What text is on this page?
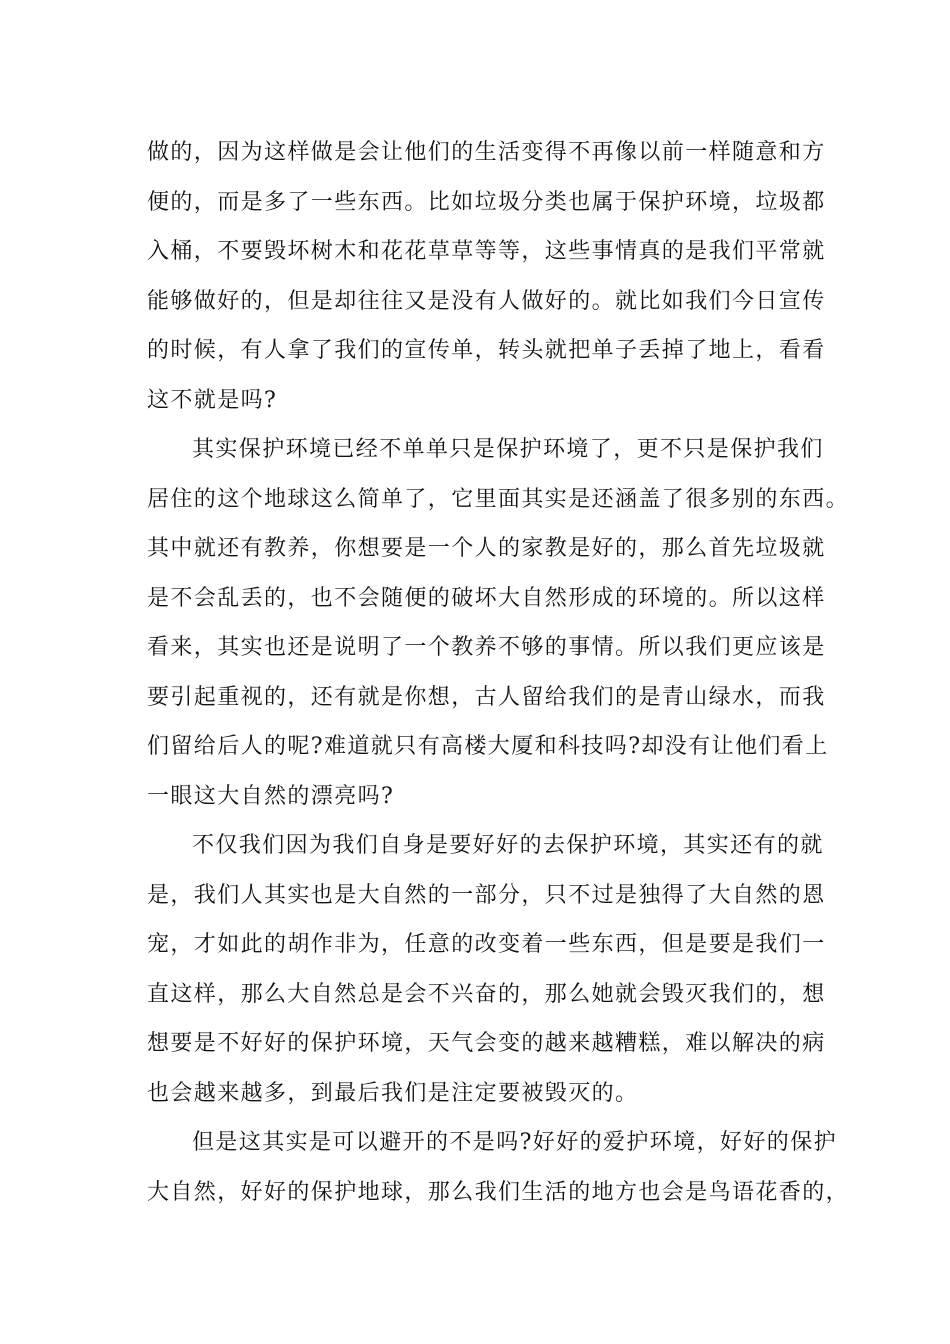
做的，因为这样做是会让他们的生活变得不再像以前一样随意和方
便的，而是多了一些东西。比如垃圾分类也属于保护环境，垃圾都
入桶，不要毁坏树木和花花草草等等，这些事情真的是我们平常就
能够做好的，但是却往往又是没有人做好的。就比如我们今日宣传
的时候，有人拿了我们的宣传单，转头就把单子丢掉了地上，看看
这不就是吗?
其实保护环境已经不单单只是保护环境了，更不只是保护我们
居住的这个地球这么简单了，它里面其实是还涵盖了很多别的东西。
其中就还有教养，你想要是一个人的家教是好的，那么首先垃圾就
是不会乱丢的，也不会随便的破坏大自然形成的环境的。所以这样
看来，其实也还是说明了一个教养不够的事情。所以我们更应该是
要引起重视的，还有就是你想，古人留给我们的是青山绿水，而我
们留给后人的呢?难道就只有高楼大厦和科技吗?却没有让他们看上
一眼这大自然的漂亮吗?
不仅我们因为我们自身是要好好的去保护环境，其实还有的就
是，我们人其实也是大自然的一部分，只不过是独得了大自然的恩
宠，才如此的胡作非为，任意的改变着一些东西，但是要是我们一
直这样，那么大自然总是会不兴奋的，那么她就会毁灭我们的，想
想要是不好好的保护环境，天气会变的越来越糟糕，难以解决的病
也会越来越多，到最后我们是注定要被毁灭的。
但是这其实是可以避开的不是吗?好好的爱护环境，好好的保护
大自然，好好的保护地球，那么我们生活的地方也会是鸟语花香的，
